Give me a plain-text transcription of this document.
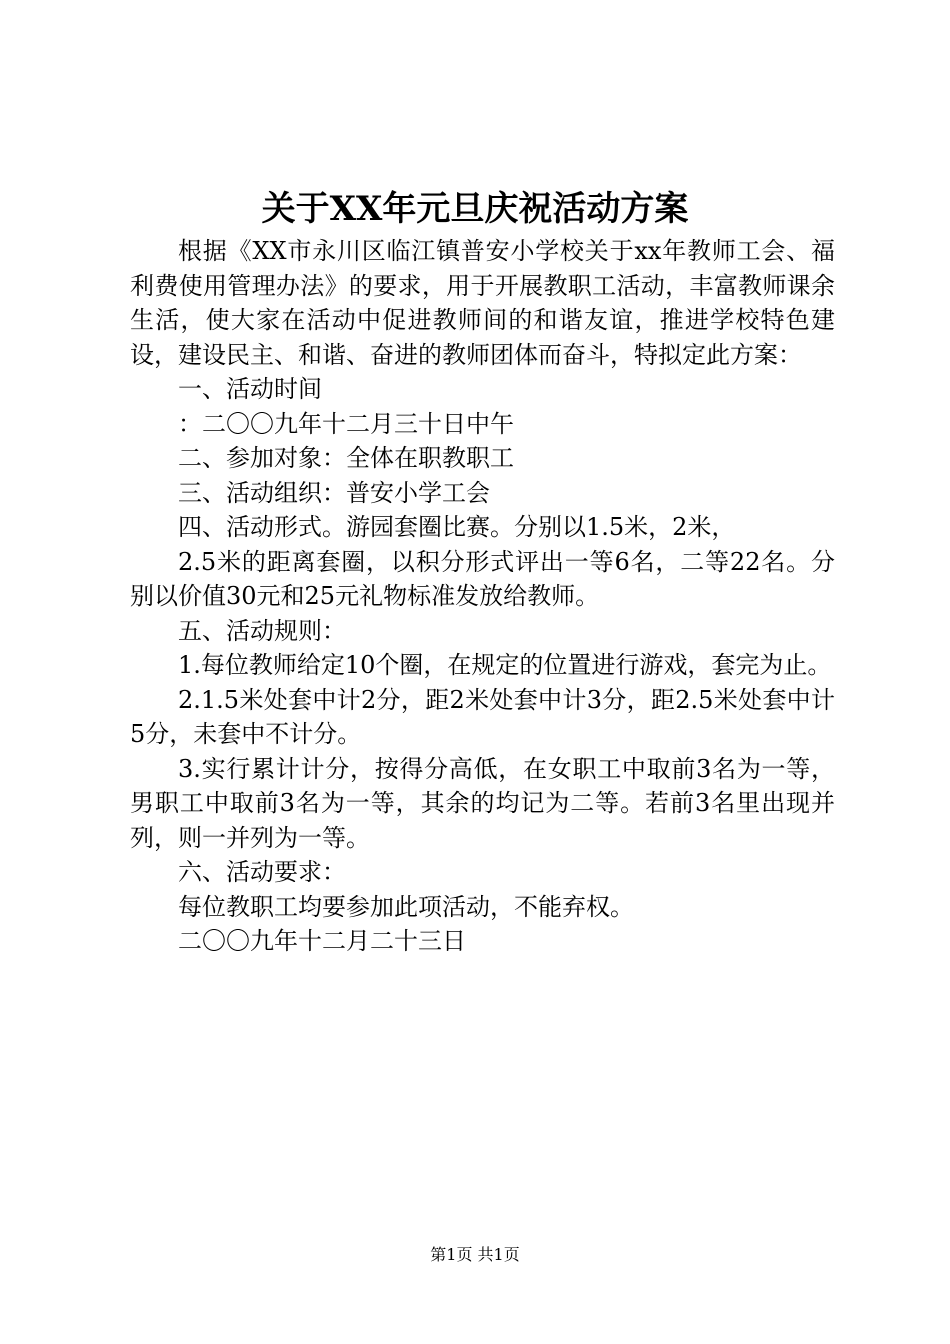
关于XX年元旦庆祝活动方案

根据《XX市永川区临江镇普安小学校关于xx年教师工会、福利费使用管理办法》的要求，用于开展教职工活动，丰富教师课余生活，使大家在活动中促进教师间的和谐友谊，推进学校特色建设，建设民主、和谐、奋进的教师团体而奋斗，特拟定此方案：

一、活动时间

：二〇〇九年十二月三十日中午

二、参加对象：全体在职教职工

三、活动组织：普安小学工会

四、活动形式。游园套圈比赛。分别以1.5米，2米，

2.5米的距离套圈，以积分形式评出一等6名，二等22名。分别以价值30元和25元礼物标准发放给教师。

五、活动规则：

1.每位教师给定10个圈，在规定的位置进行游戏，套完为止。

2.1.5米处套中计2分，距2米处套中计3分，距2.5米处套中计5分，未套中不计分。

3.实行累计计分，按得分高低，在女职工中取前3名为一等，男职工中取前3名为一等，其余的均记为二等。若前3名里出现并列，则一并列为一等。

六、活动要求：

每位教职工均要参加此项活动，不能弃权。

二〇〇九年十二月二十三日

第1页 共1页
